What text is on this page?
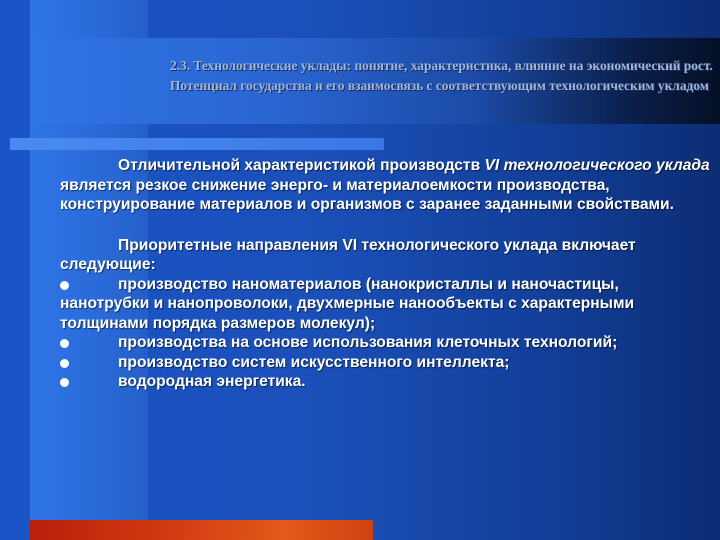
2.3. Технологические уклады: понятие, характеристика, влияние на экономический рост. Потенциал государства и его взаимосвязь с соответствующим технологическим укладом

Отличительной характеристикой производств VI технологического уклада является резкое снижение энерго- и материалоемкости производства, конструирование материалов и организмов с заранее заданными свойствами.

Приоритетные направления VI технологического уклада включает следующие:

производство наноматериалов (нанокристаллы и наночастицы, нанотрубки и нанопроволоки, двухмерные нанообъекты с характерными толщинами порядка размеров молекул);

производства на основе использования клеточных технологий;

производство систем искусственного интеллекта;

водородная энергетика.
